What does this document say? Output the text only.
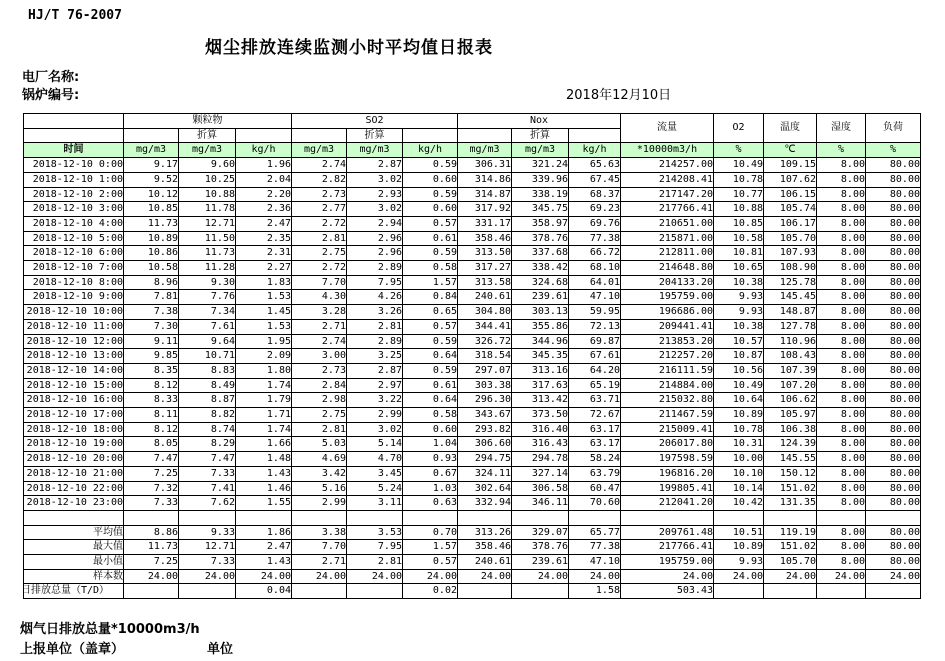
HJ/T 76-2007
烟尘排放连续监测小时平均值日报表
电厂名称:
锅炉编号:	2018年12月10日
	颗粒物			SO2			Nox			流量	O2	温度	湿度	负荷
		折算			折算			折算						
时间	mg/m3	mg/m3	kg/h	mg/m3	mg/m3	kg/h	mg/m3	mg/m3	kg/h	*10000m3/h	%	℃	%	%
2018-12-10 0:00	9.17	9.60	1.96	2.74	2.87	0.59	306.31	321.24	65.63	214257.00	10.49	109.15	8.00	80.00
2018-12-10 1:00	9.52	10.25	2.04	2.82	3.02	0.60	314.86	339.96	67.45	214208.41	10.78	107.62	8.00	80.00
2018-12-10 2:00	10.12	10.88	2.20	2.73	2.93	0.59	314.87	338.19	68.37	217147.20	10.77	106.15	8.00	80.00
2018-12-10 3:00	10.85	11.78	2.36	2.77	3.02	0.60	317.92	345.75	69.23	217766.41	10.88	105.74	8.00	80.00
2018-12-10 4:00	11.73	12.71	2.47	2.72	2.94	0.57	331.17	358.97	69.76	210651.00	10.85	106.17	8.00	80.00
2018-12-10 5:00	10.89	11.50	2.35	2.81	2.96	0.61	358.46	378.76	77.38	215871.00	10.58	105.70	8.00	80.00
2018-12-10 6:00	10.86	11.73	2.31	2.75	2.96	0.59	313.50	337.68	66.72	212811.00	10.81	107.93	8.00	80.00
2018-12-10 7:00	10.58	11.28	2.27	2.72	2.89	0.58	317.27	338.42	68.10	214648.80	10.65	108.90	8.00	80.00
2018-12-10 8:00	8.96	9.30	1.83	7.70	7.95	1.57	313.58	324.68	64.01	204133.20	10.38	125.78	8.00	80.00
2018-12-10 9:00	7.81	7.76	1.53	4.30	4.26	0.84	240.61	239.61	47.10	195759.00	9.93	145.45	8.00	80.00
2018-12-10 10:00	7.38	7.34	1.45	3.28	3.26	0.65	304.80	303.13	59.95	196686.00	9.93	148.87	8.00	80.00
2018-12-10 11:00	7.30	7.61	1.53	2.71	2.81	0.57	344.41	355.86	72.13	209441.41	10.38	127.78	8.00	80.00
2018-12-10 12:00	9.11	9.64	1.95	2.74	2.89	0.59	326.72	344.96	69.87	213853.20	10.57	110.96	8.00	80.00
2018-12-10 13:00	9.85	10.71	2.09	3.00	3.25	0.64	318.54	345.35	67.61	212257.20	10.87	108.43	8.00	80.00
2018-12-10 14:00	8.35	8.83	1.80	2.73	2.87	0.59	297.07	313.16	64.20	216111.59	10.56	107.39	8.00	80.00
2018-12-10 15:00	8.12	8.49	1.74	2.84	2.97	0.61	303.38	317.63	65.19	214884.00	10.49	107.20	8.00	80.00
2018-12-10 16:00	8.33	8.87	1.79	2.98	3.22	0.64	296.30	313.42	63.71	215032.80	10.64	106.62	8.00	80.00
2018-12-10 17:00	8.11	8.82	1.71	2.75	2.99	0.58	343.67	373.50	72.67	211467.59	10.89	105.97	8.00	80.00
2018-12-10 18:00	8.12	8.74	1.74	2.81	3.02	0.60	293.82	316.40	63.17	215009.41	10.78	106.38	8.00	80.00
2018-12-10 19:00	8.05	8.29	1.66	5.03	5.14	1.04	306.60	316.43	63.17	206017.80	10.31	124.39	8.00	80.00
2018-12-10 20:00	7.47	7.47	1.48	4.69	4.70	0.93	294.75	294.78	58.24	197598.59	10.00	145.55	8.00	80.00
2018-12-10 21:00	7.25	7.33	1.43	3.42	3.45	0.67	324.11	327.14	63.79	196816.20	10.10	150.12	8.00	80.00
2018-12-10 22:00	7.32	7.41	1.46	5.16	5.24	1.03	302.64	306.58	60.47	199805.41	10.14	151.02	8.00	80.00
2018-12-10 23:00	7.33	7.62	1.55	2.99	3.11	0.63	332.94	346.11	70.60	212041.20	10.42	131.35	8.00	80.00

平均值	8.86	9.33	1.86	3.38	3.53	0.70	313.26	329.07	65.77	209761.48	10.51	119.19	8.00	80.00
最大值	11.73	12.71	2.47	7.70	7.95	1.57	358.46	378.76	77.38	217766.41	10.89	151.02	8.00	80.00
最小值	7.25	7.33	1.43	2.71	2.81	0.57	240.61	239.61	47.10	195759.00	9.93	105.70	8.00	80.00
样本数	24.00	24.00	24.00	24.00	24.00	24.00	24.00	24.00	24.00	24.00	24.00	24.00	24.00	24.00
日排放总量（T/D）			0.04			0.02			1.58	503.43				
烟气日排放总量*10000m3/h
上报单位（盖章）	单位
